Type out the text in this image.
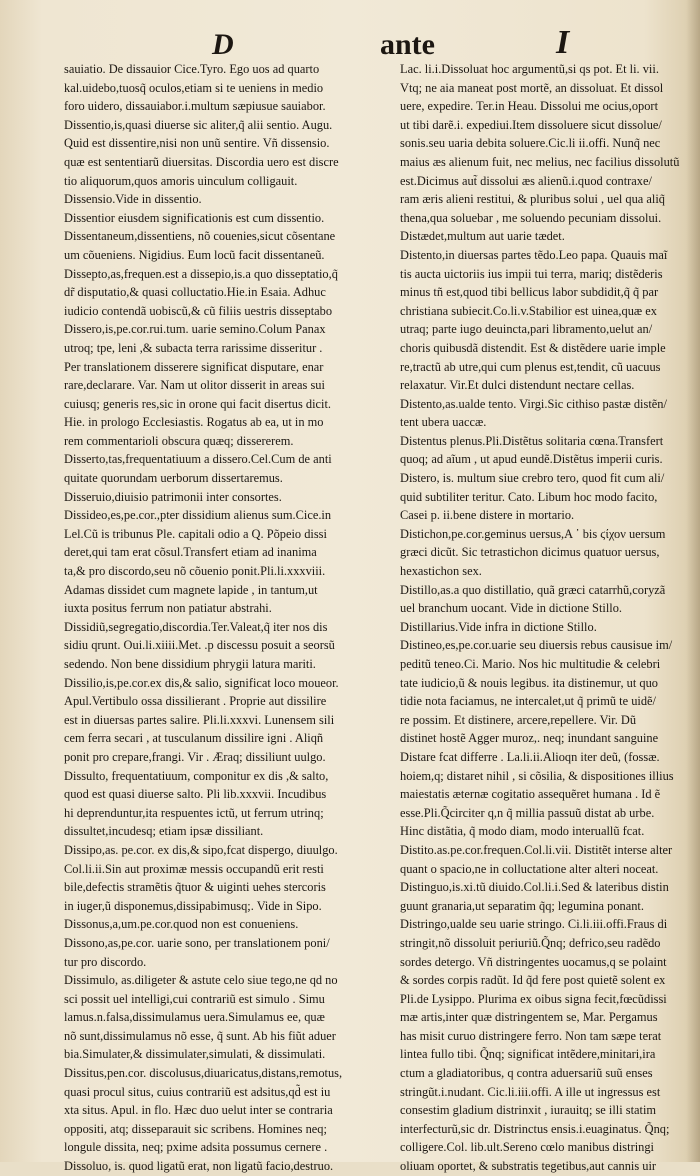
D	ante	I
sauiatio. De dissauior Cice.Tyro. Ego uos ad quarto
kal.uidebo,tuosq̃ oculos,etiam si te ueniens in medio
foro uidero, dissauiabor.i.multum sæpiusue sauiabor.
Dissentio,is,quasi diuerse sic aliter,q̃ alii sentio. Augu.
Quid est dissentire,nisi non unũ sentire. Vñ dissensio.
quæ est sententiarũ diuersitas. Discordia uero est discre
tio aliquorum,quos amoris uinculum colligauit.
Dissensio.Vide in dissentio.
Dissentior eiusdem significationis est cum dissentio.
Dissentaneum,dissentiens, nõ couenies,sicut cõsentane
um cõueniens. Nigidius. Eum locũ facit dissentaneũ.
Dissepto,as,frequen.est a dissepio,is.a quo disseptatio,q̃
dr̃ disputatio,& quasi colluctatio.Hie.in Esaia. Adhuc
iudicio contendã uobiscũ,& cũ filiis uestris disseptabo
Dissero,is,pe.cor.rui.tum. uarie semino.Colum Panax
utroq; tpe, leni ,& subacta terra rarissime disseritur .
Per translationem disserere significat disputare, enar
rare,declarare. Var. Nam ut olitor disserit in areas sui
cuiusq; generis res,sic in orone qui facit disertus dicit.
Hie. in prologo Ecclesiastis. Rogatus ab ea, ut in mo
rem commentarioli obscura quæq; dissererem.
Disserto,tas,frequentatiuum a dissero.Cel.Cum de anti
quitate quorundam uerborum dissertaremus.
Disseruio,diuisio patrimonii inter consortes.
Dissideo,es,pe.cor.,pter dissidium alienus sum.Cice.in
Lel.Cũ is tribunus Ple. capitali odio a Q. Põpeio dissi
deret,qui tam erat cõsul.Transfert etiam ad inanima
ta,& pro discordo,seu nõ cõuenio ponit.Pli.li.xxxviii.
Adamas dissidet cum magnete lapide , in tantum,ut
iuxta positus ferrum non patiatur abstrahi.
Dissidiũ,segregatio,discordia.Ter.Valeat,q̃ iter nos dis
sidiu qrunt. Oui.li.xiiii.Met. .p discessu posuit a seorsũ
sedendo. Non bene dissidium phrygii latura mariti.
Dissilio,is,pe.cor.ex dis,& salio, significat loco moueor.
Apul.Vertibulo ossa dissilierant . Proprie aut dissilire
est in diuersas partes salire. Pli.li.xxxvi. Lunensem sili
cem ferra secari , at tusculanum dissilire igni . Aliqñ
ponit pro crepare,frangi. Vir . Æraq; dissiliunt uulgo.
Dissulto, frequentatiuum, componitur ex dis ,& salto,
quod est quasi diuerse salto. Pli lib.xxxvii. Incudibus
hi deprenduntur,ita respuentes ictũ, ut ferrum utrinq;
dissultet,incudesq; etiam ipsæ dissiliant.
Dissipo,as. pe.cor. ex dis,& sipo,fcat dispergo, diuulgo.
Col.li.ii.Sin aut proximæ messis occupandũ erit resti
bile,defectis stramẽtis q̃tuor & uiginti uehes stercoris
in iuger,ũ disponemus,dissipabimusq;. Vide in Sipo.
Dissonus,a,um.pe.cor.quod non est conueniens.
Dissono,as,pe.cor. uarie sono, per translationem poni/
tur pro discordo.
Dissimulo, as.diligeter & astute celo siue tego,ne qd no
sci possit uel intelligi,cui contrariũ est simulo . Simu
lamus.n.falsa,dissimulamus uera.Simulamus ee, quæ
nõ sunt,dissimulamus nõ esse, q̃ sunt. Ab his fiũt aduer
bia.Simulater,& dissimulater,simulati, & dissimulati.
Dissitus,pen.cor. discolusus,diuaricatus,distans,remotus,
quasi procul situs, cuius contrariũ est adsitus,qd̃ est iu
xta situs. Apul. in flo. Hæc duo uelut inter se contraria
oppositi, atq; disseparauit sic scribens. Homines neq;
longule dissita, neq; pxime adsita possumus cernere .
Dissoluo, is. quod ligatũ erat, non ligatũ facio,destruo.
Lac. li.i.Dissoluat hoc argumentũ,si qs pot. Et li. vii.
Vtq; ne aia maneat post mortẽ, an dissoluat. Et dissol
uere, expedire. Ter.in Heau. Dissolui me ocius,oport
ut tibi darẽ.i. expediui.Item dissoluere sicut dissolue/
sonis.seu uaria debita soluere.Cic.li ii.offi. Nunq̃ nec
maius æs alienum fuit, nec melius, nec facilius dissolutũ
est.Dicimus aut̃ dissolui æs alienũ.i.quod contraxe/
ram æris alieni restitui, & pluribus solui , uel qua aliq̃
thena,qua soluebar , me soluendo pecuniam dissolui.
Distædet,multum aut uarie tædet.
Distento,in diuersas partes tẽdo.Leo papa. Quauis maĩ
tis aucta uictoriis ius impii tui terra, mariq; distẽderis
minus tñ est,quod tibi bellicus labor subdidit,q̃ q̃ par
christiana subiecit.Co.li.v.Stabilior est uinea,quæ ex
utraq; parte iugo deuincta,pari libramento,uelut an/
choris quibusdã distendit. Est & distẽdere uarie imple
re,tractũ ab utre,qui cum plenus est,tendit, cũ uacuus
relaxatur. Vir.Et dulci distendunt nectare cellas.
Distento,as.ualde tento. Virgi.Sic cithiso pastæ distẽn/
tent ubera uaccæ.
Distentus plenus.Pli.Distẽtus solitaria cœna.Transfert
quoq; ad aĩum , ut apud eundẽ.Distẽtus imperii curis.
Distero, is. multum siue crebro tero, quod fit cum ali/
quid subtiliter teritur. Cato. Libum hoc modo facito,
Casei p. ii.bene distere in mortario.
Distichon,pe.cor.geminus uersus,A ᾽ bis ϛίχον uersum
græci dicũt. Sic tetrastichon dicimus quatuor uersus,
hexastichon sex.
Distillo,as.a quo distillatio, quã græci catarrhũ,coryzã
uel branchum uocant. Vide in dictione Stillo.
Distillarius.Vide infra in dictione Stillo.
Distineo,es,pe.cor.uarie seu diuersis rebus causisue im/
peditũ teneo.Ci. Mario. Nos hic multitudie & celebri
tate iudicio,ũ & nouis legibus. ita distinemur, ut quo
tidie nota faciamus, ne intercalet,ut q̃ primũ te uidẽ/
re possim. Et distinere, arcere,repellere. Vir. Dũ
distinet hostẽ Agger muroz,. neq; inundant sanguine
Distare fcat differre . La.li.ii.Alioqn iter deũ, (fossæ.
hoiem,q; distaret nihil , si cõsilia, & dispositiones illius
maiestatis æternæ cogitatio assequẽret humana . Id ẽ
esse.Pli.Q̃circiter q,n q̃ millia passuũ distat ab urbe.
Hinc distãtia, q̃ modo diam, modo interuallũ fcat.
Distito.as.pe.cor.frequen.Col.li.vii. Distitẽt interse alter
quant o spacio,ne in colluctatione alter alteri noceat.
Distinguo,is.xi.tũ diuido.Col.li.i.Sed & lateribus distin
guunt granaria,ut separatim q̃q; legumina ponant.
Distringo,ualde seu uarie stringo. Ci.li.iii.offi.Fraus di
stringit,nõ dissoluit periuriũ.Q̃nq; defrico,seu radẽdo
sordes detergo. Vñ distringentes uocamus,q se polaint
& sordes corpis radũt. Id q̃d fere post quietẽ solent ex
Pli.de Lysippo. Plurima ex oibus signa fecit,fœcũdissi
mæ artis,inter quæ distringentem se, Mar. Pergamus
has misit curuo distringere ferro. Non tam sæpe terat
lintea fullo tibi. Q̃nq; significat intẽdere,minitari,ira
ctum a gladiatoribus, q contra aduersariũ suũ enses
stringũt.i.nudant. Cic.li.iii.offi. A ille ut ingressus est
consestim gladium distrinxit , iurauitq; se illi statim
interfecturũ,sic dr. Distrinctus ensis.i.euaginatus. Q̃nq;
colligere.Col. lib.ult.Sereno cœlo manibus distringi
oliuam oportet, & substratis tegetibus,aut cannis uir
